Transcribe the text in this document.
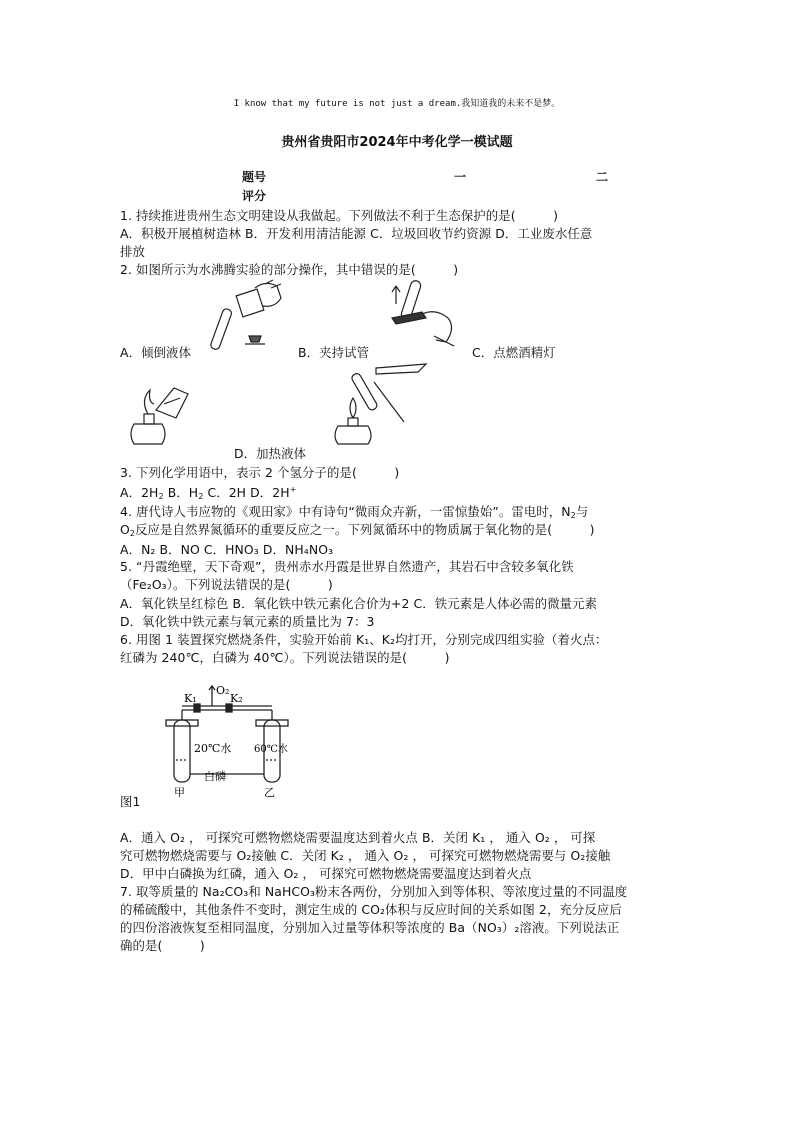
I know that my future is not just a dream.我知道我的未来不是梦。
贵州省贵阳市2024年中考化学一模试题
题号	一	二
评分
1. 持续推进贵州生态文明建设从我做起。下列做法不利于生态保护的是(　　　)
A．积极开展植树造林 B．开发利用清洁能源 C．垃圾回收节约资源 D．工业废水任意
排放
2. 如图所示为水沸腾实验的部分操作，其中错误的是(　　　)
A．倾倒液体	B．夹持试管	C．点燃酒精灯
D．加热液体
3. 下列化学用语中，表示 2 个氢分子的是(　　　)
A．$2H_2$ B．$H_2$ C．2H D．2H+
4. 唐代诗人韦应物的《观田家》中有诗句“微雨众卉新，一雷惊蛰始”。雷电时，$N_2$与
$O_2$反应是自然界氮循环的重要反应之一。下列氮循环中的物质属于氧化物的是(　　　)
A．N₂ B．NO C．HNO₃ D．NH₄NO₃
5. “丹霞绝壁，天下奇观”，贵州赤水丹霞是世界自然遗产，其岩石中含较多氧化铁
（Fe₂O₃）。下列说法错误的是(　　　)
A．氧化铁呈红棕色 B．氧化铁中铁元素化合价为+2 C．铁元素是人体必需的微量元素
D．氧化铁中铁元素与氧元素的质量比为 7：3
6. 用图 1 装置探究燃烧条件，实验开始前 K₁、K₂均打开，分别完成四组实验（着火点：
红磷为 240℃，白磷为 40℃）。下列说法错误的是(　　　)
O₂
K₁	K₂
20℃水 60℃水
白磷
甲	乙
图1
A．通入 O₂ ， 可探究可燃物燃烧需要温度达到着火点 B．关闭 K₁ ， 通入 O₂ ， 可探
究可燃物燃烧需要与 O₂接触 C．关闭 K₂ ， 通入 O₂ ， 可探究可燃物燃烧需要与 O₂接触
D．甲中白磷换为红磷，通入 O₂ ， 可探究可燃物燃烧需要温度达到着火点
7. 取等质量的 Na₂CO₃和 NaHCO₃粉末各两份，分别加入到等体积、等浓度过量的不同温度
的稀硫酸中，其他条件不变时，测定生成的 CO₂体积与反应时间的关系如图 2，充分反应后
的四份溶液恢复至相同温度，分别加入过量等体积等浓度的 Ba（NO₃）₂溶液。下列说法正
确的是(　　　)
